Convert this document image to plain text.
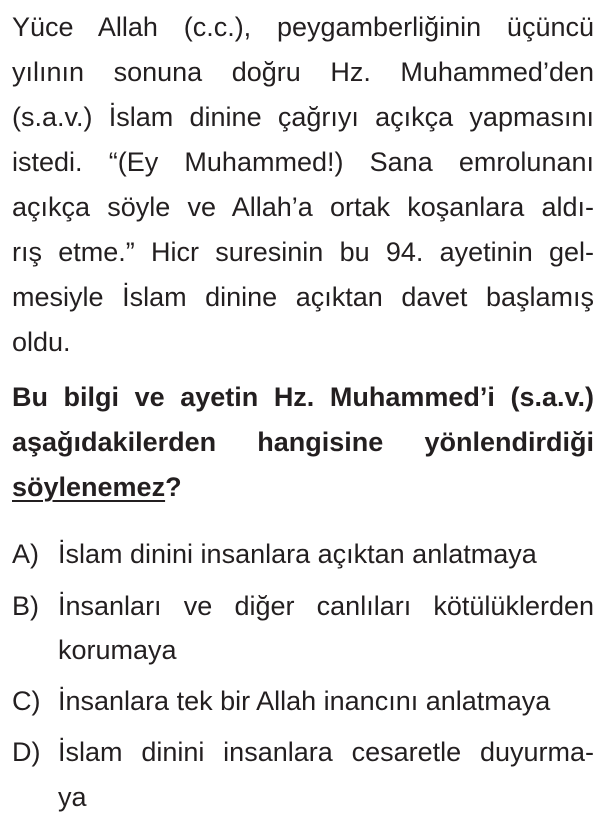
Yüce Allah (c.c.), peygamberliğinin üçüncü
yılının sonuna doğru Hz. Muhammed’den
(s.a.v.) İslam dinine çağrıyı açıkça yapmasını
istedi. “(Ey Muhammed!) Sana emrolunanı
açıkça söyle ve Allah’a ortak koşanlara aldı-
rış etme.” Hicr suresinin bu 94. ayetinin gel-
mesiyle İslam dinine açıktan davet başlamış
oldu.
Bu bilgi ve ayetin Hz. Muhammed’i (s.a.v.)
aşağıdakilerden hangisine yönlendirdiği
söylenemez?
A) İslam dinini insanlara açıktan anlatmaya
B) İnsanları ve diğer canlıları kötülüklerden
korumaya
C) İnsanlara tek bir Allah inancını anlatmaya
D) İslam dinini insanlara cesaretle duyurma-
ya
